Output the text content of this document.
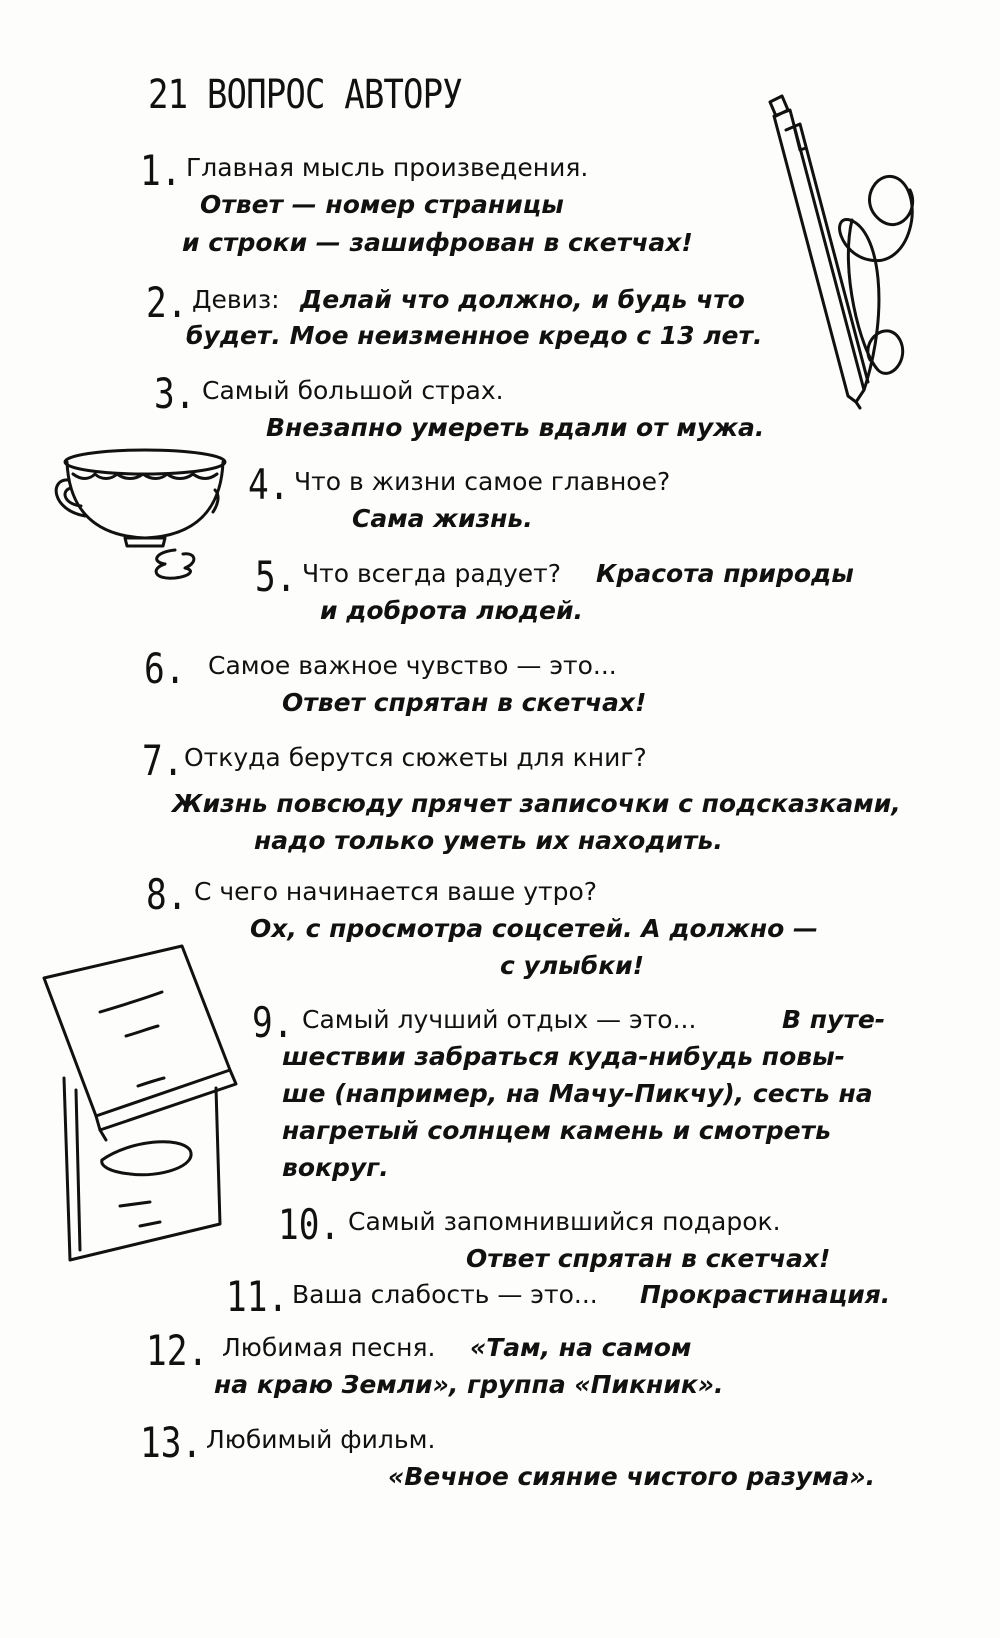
21 ВОПРОС АВТОРУ
1. Главная мысль произведения.
Ответ — номер страницы
и строки — зашифрован в скетчах!
2. Девиз: Делай что должно, и будь что
будет. Мое неизменное кредо с 13 лет.
3. Самый большой страх.
Внезапно умереть вдали от мужа.
4. Что в жизни самое главное?
Сама жизнь.
5. Что всегда радует? Красота природы
и доброта людей.
6. Самое важное чувство — это...
Ответ спрятан в скетчах!
7. Откуда берутся сюжеты для книг?
Жизнь повсюду прячет записочки с подсказками,
надо только уметь их находить.
8. С чего начинается ваше утро?
Ох, с просмотра соцсетей. А должно —
с улыбки!
9. Самый лучший отдых — это...	В путе-
шествии забраться куда-нибудь повы-
ше (например, на Мачу-Пикчу), сесть на
нагретый солнцем камень и смотреть
вокруг.
10. Самый запомнившийся подарок.
Ответ спрятан в скетчах!
11. Ваша слабость — это... Прокрастинация.
12. Любимая песня. «Там, на самом
на краю Земли», группа «Пикник».
13. Любимый фильм.
«Вечное сияние чистого разума».
